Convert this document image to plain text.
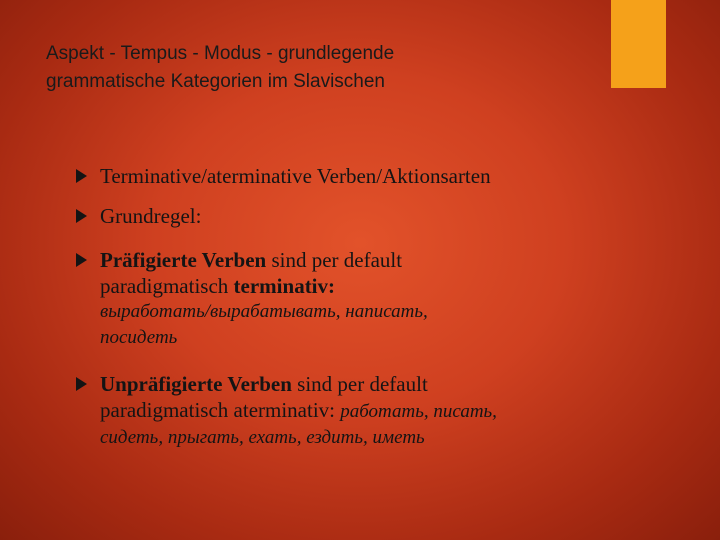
Aspekt - Tempus - Modus - grundlegende
grammatische Kategorien im Slavischen
Terminative/aterminative Verben/Aktionsarten
Grundregel:
Präfigierte Verben sind per default
paradigmatisch terminativ:
выработать/вырабатывать, написать,
посидеть
Unpräfigierte Verben sind per default
paradigmatisch aterminativ: работать, писать,
сидеть, прыгать, ехать, ездить, иметь
